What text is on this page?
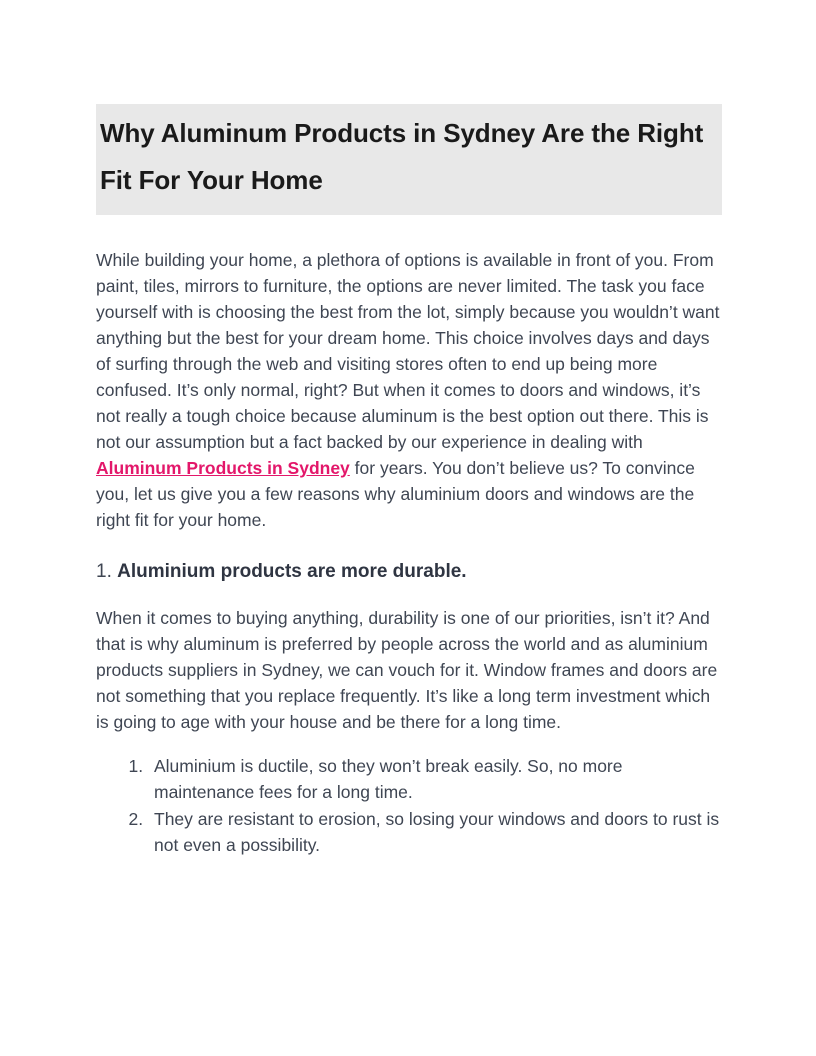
Why Aluminum Products in Sydney Are the Right Fit For Your Home

While building your home, a plethora of options is available in front of you. From paint, tiles, mirrors to furniture, the options are never limited. The task you face yourself with is choosing the best from the lot, simply because you wouldn’t want anything but the best for your dream home. This choice involves days and days of surfing through the web and visiting stores often to end up being more confused. It’s only normal, right? But when it comes to doors and windows, it’s not really a tough choice because aluminum is the best option out there. This is not our assumption but a fact backed by our experience in dealing with Aluminum Products in Sydney for years. You don’t believe us? To convince you, let us give you a few reasons why aluminium doors and windows are the right fit for your home.

1. Aluminium products are more durable.

When it comes to buying anything, durability is one of our priorities, isn’t it? And that is why aluminum is preferred by people across the world and as aluminium products suppliers in Sydney, we can vouch for it. Window frames and doors are not something that you replace frequently. It’s like a long term investment which is going to age with your house and be there for a long time.

1. Aluminium is ductile, so they won’t break easily. So, no more maintenance fees for a long time.
2. They are resistant to erosion, so losing your windows and doors to rust is not even a possibility.
